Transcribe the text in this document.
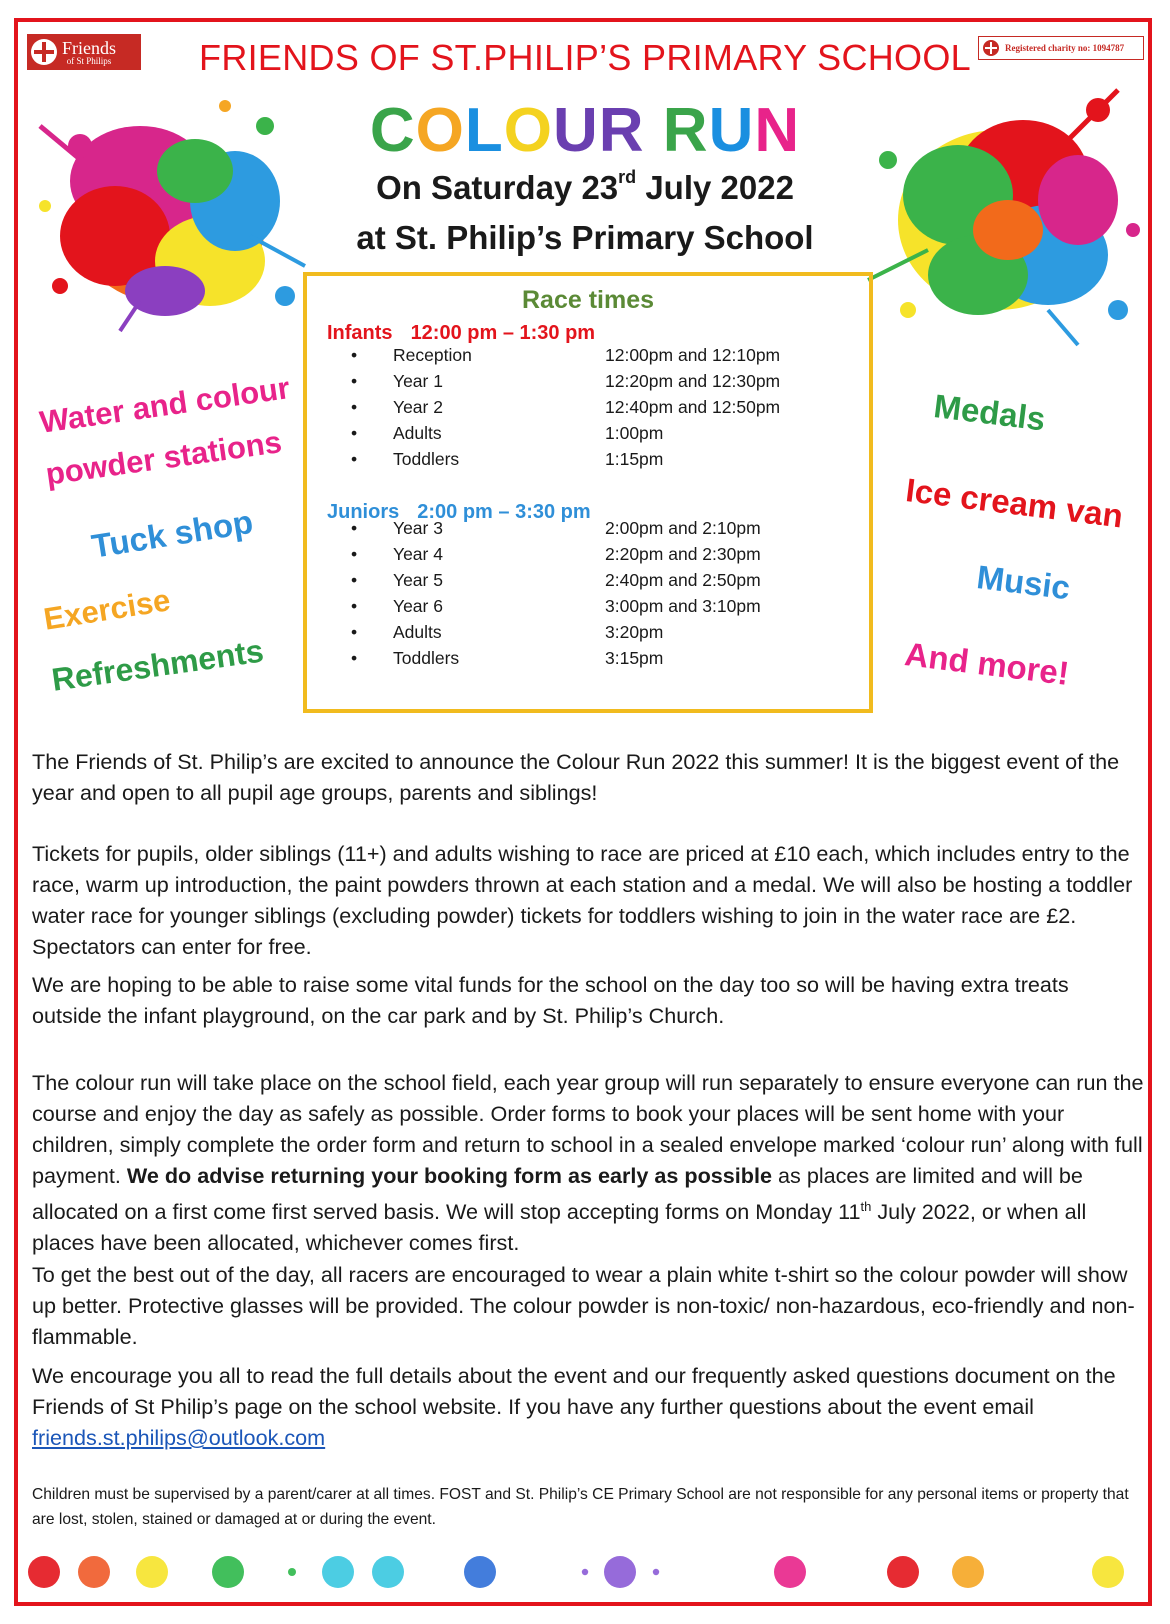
Friends
of St Philips
Registered charity no: 1094787
FRIENDS OF ST.PHILIP’S PRIMARY SCHOOL
COLOUR RUN
On Saturday 23rd July 2022
at St. Philip’s Primary School
Race times
Infants 12:00 pm – 1:30 pm
• Reception	12:00pm and 12:10pm
• Year 1	12:20pm and 12:30pm
• Year 2	12:40pm and 12:50pm
• Adults	1:00pm
• Toddlers	1:15pm
Juniors 2:00 pm – 3:30 pm
• Year 3	2:00pm and 2:10pm
• Year 4	2:20pm and 2:30pm
• Year 5	2:40pm and 2:50pm
• Year 6	3:00pm and 3:10pm
• Adults	3:20pm
• Toddlers	3:15pm
Water and colour
powder stations
Tuck shop
Exercise
Refreshments
Medals
Ice cream van
Music
And more!

The Friends of St. Philip’s are excited to announce the Colour Run 2022 this summer! It is the biggest event of the year and open to all pupil age groups, parents and siblings!

Tickets for pupils, older siblings (11+) and adults wishing to race are priced at £10 each, which includes entry to the race, warm up introduction, the paint powders thrown at each station and a medal. We will also be hosting a toddler water race for younger siblings (excluding powder) tickets for toddlers wishing to join in the water race are £2. Spectators can enter for free.

We are hoping to be able to raise some vital funds for the school on the day too so will be having extra treats outside the infant playground, on the car park and by St. Philip’s Church.

The colour run will take place on the school field, each year group will run separately to ensure everyone can run the course and enjoy the day as safely as possible. Order forms to book your places will be sent home with your children, simply complete the order form and return to school in a sealed envelope marked ‘colour run’ along with full payment. We do advise returning your booking form as early as possible as places are limited and will be allocated on a first come first served basis. We will stop accepting forms on Monday 11th July 2022, or when all places have been allocated, whichever comes first.

To get the best out of the day, all racers are encouraged to wear a plain white t-shirt so the colour powder will show up better. Protective glasses will be provided. The colour powder is non-toxic/ non-hazardous, eco-friendly and non-flammable.

We encourage you all to read the full details about the event and our frequently asked questions document on the Friends of St Philip’s page on the school website. If you have any further questions about the event email friends.st.philips@outlook.com

Children must be supervised by a parent/carer at all times. FOST and St. Philip’s CE Primary School are not responsible for any personal items or property that are lost, stolen, stained or damaged at or during the event.
